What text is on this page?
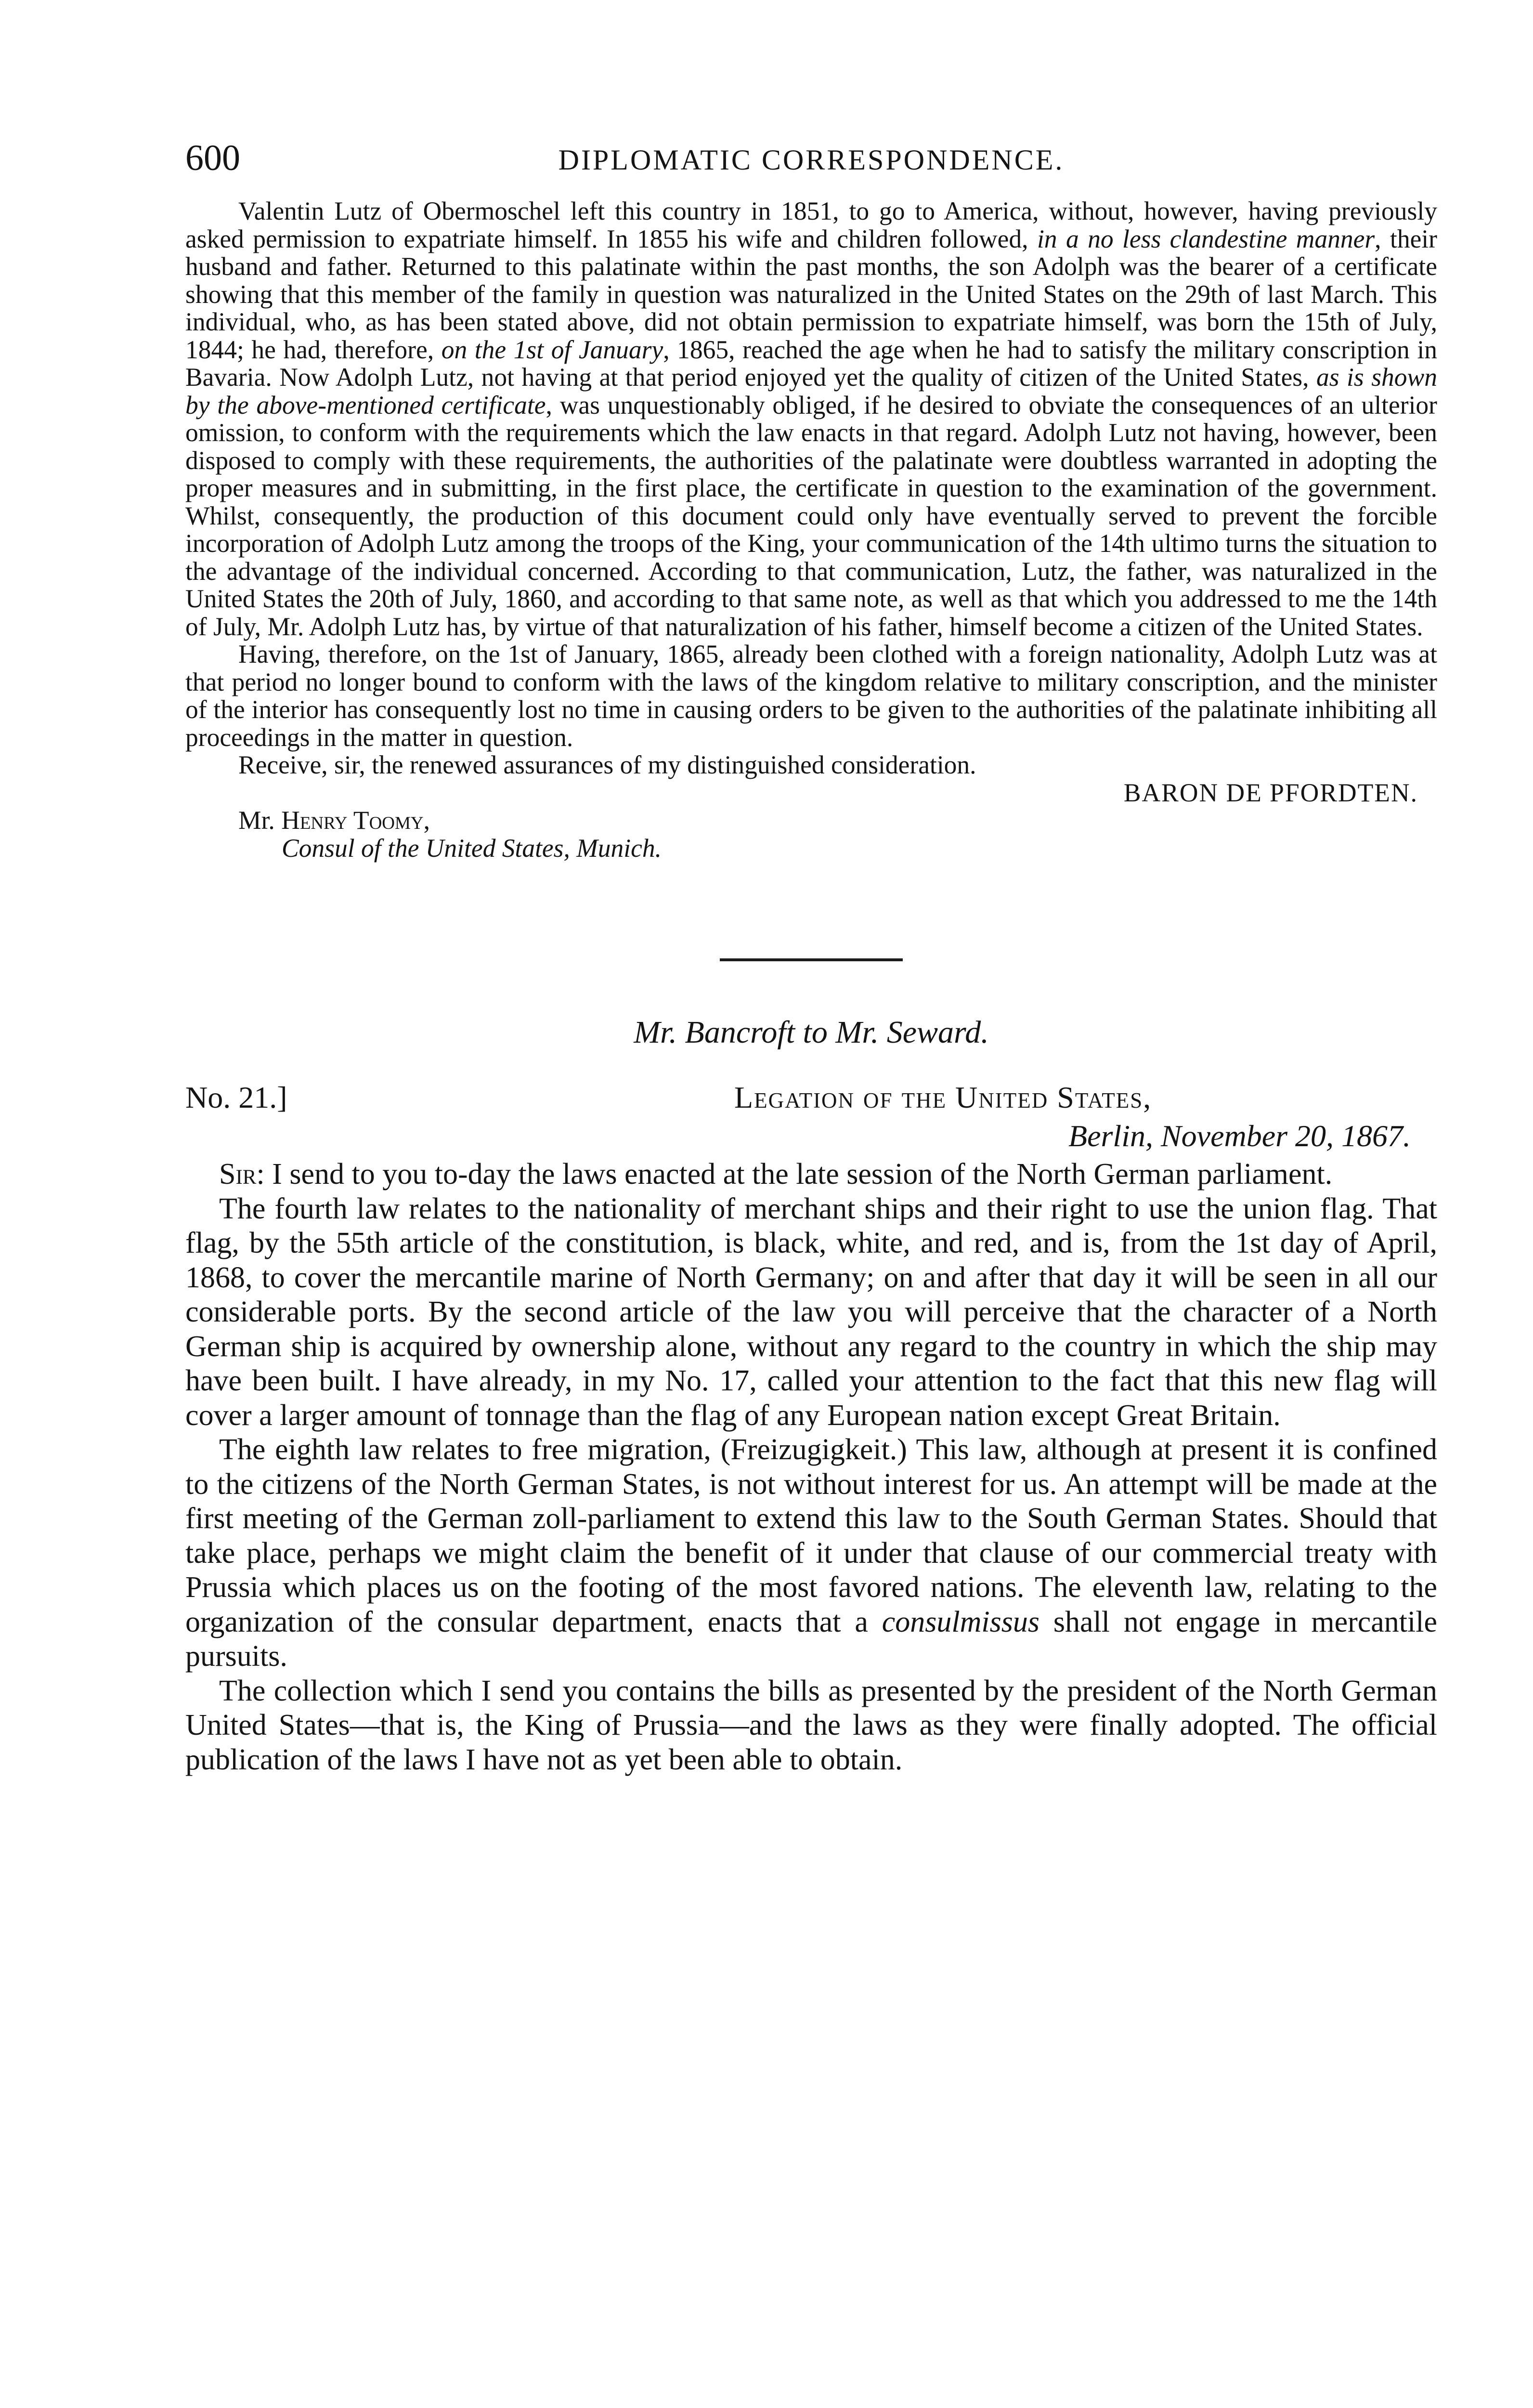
600	DIPLOMATIC CORRESPONDENCE.

Valentin Lutz of Obermoschel left this country in 1851, to go to America, without, however, having previously asked permission to expatriate himself. In 1855 his wife and children followed, in a no less clandestine manner, their husband and father. Returned to this palatinate within the past months, the son Adolph was the bearer of a certificate showing that this member of the family in question was naturalized in the United States on the 29th of last March. This individual, who, as has been stated above, did not obtain permission to expatriate himself, was born the 15th of July, 1844; he had, therefore, on the 1st of January, 1865, reached the age when he had to satisfy the military conscription in Bavaria. Now Adolph Lutz, not having at that period enjoyed yet the quality of citizen of the United States, as is shown by the above-mentioned certificate, was unquestionably obliged, if he desired to obviate the consequences of an ulterior omission, to conform with the requirements which the law enacts in that regard. Adolph Lutz not having, however, been disposed to comply with these requirements, the authorities of the palatinate were doubtless warranted in adopting the proper measures and in submitting, in the first place, the certificate in question to the examination of the government. Whilst, consequently, the production of this document could only have eventually served to prevent the forcible incorporation of Adolph Lutz among the troops of the King, your communication of the 14th ultimo turns the situation to the advantage of the individual concerned. According to that communication, Lutz, the father, was naturalized in the United States the 20th of July, 1860, and according to that same note, as well as that which you addressed to me the 14th of July, Mr. Adolph Lutz has, by virtue of that naturalization of his father, himself become a citizen of the United States.

Having, therefore, on the 1st of January, 1865, already been clothed with a foreign nationality, Adolph Lutz was at that period no longer bound to conform with the laws of the kingdom relative to military conscription, and the minister of the interior has consequently lost no time in causing orders to be given to the authorities of the palatinate inhibiting all proceedings in the matter in question.

Receive, sir, the renewed assurances of my distinguished consideration.

BARON DE PFORDTEN.
Mr. Henry Toomy,
Consul of the United States, Munich.
Mr. Bancroft to Mr. Seward.
No. 21.]	Legation of the United States,
Berlin, November 20, 1867.

Sir: I send to you to-day the laws enacted at the late session of the North German parliament.

The fourth law relates to the nationality of merchant ships and their right to use the union flag. That flag, by the 55th article of the constitution, is black, white, and red, and is, from the 1st day of April, 1868, to cover the mercantile marine of North Germany; on and after that day it will be seen in all our considerable ports. By the second article of the law you will perceive that the character of a North German ship is acquired by ownership alone, without any regard to the country in which the ship may have been built. I have already, in my No. 17, called your attention to the fact that this new flag will cover a larger amount of tonnage than the flag of any European nation except Great Britain.

The eighth law relates to free migration, (Freizugigkeit.) This law, although at present it is confined to the citizens of the North German States, is not without interest for us. An attempt will be made at the first meeting of the German zoll-parliament to extend this law to the South German States. Should that take place, perhaps we might claim the benefit of it under that clause of our commercial treaty with Prussia which places us on the footing of the most favored nations. The eleventh law, relating to the organization of the consular department, enacts that a consulmissus shall not engage in mercantile pursuits.

The collection which I send you contains the bills as presented by the president of the North German United States—that is, the King of Prussia—and the laws as they were finally adopted. The official publication of the laws I have not as yet been able to obtain.
